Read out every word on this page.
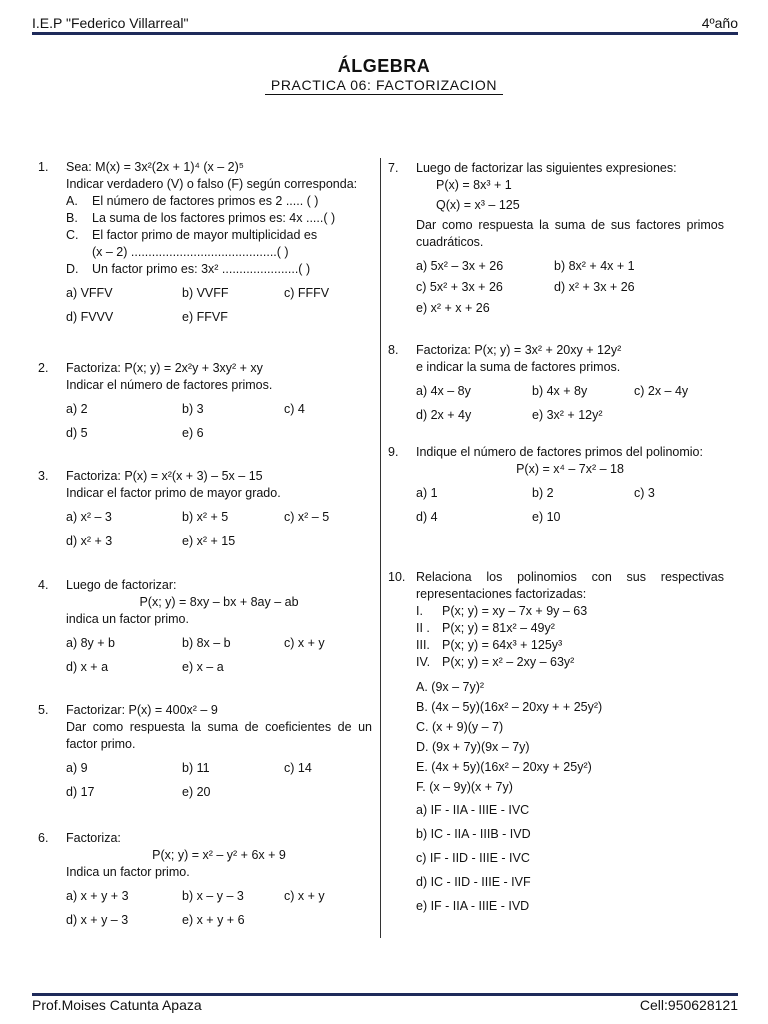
I.E.P "Federico Villarreal"	4ºaño
ÁLGEBRA
PRACTICA 06: FACTORIZACION
1.	Sea: M(x) = 3x²(2x + 1)⁴ (x – 2)⁵
Indicar verdadero (V) o falso (F) según corresponda:
A.	El número de factores primos es 2 ..... ( )
B.	La suma de los factores primos es: 4x .....( )
C.	El factor primo de mayor multiplicidad es
(x – 2) ..........................................( )
D.	Un factor primo es: 3x² ......................( )
a) VFFV	b) VVFF	c) FFFV
d) FVVV	e) FFVF
2.	Factoriza: P(x; y) = 2x²y + 3xy² + xy
Indicar el número de factores primos.
a) 2	b) 3	c) 4
d) 5	e) 6
3.	Factoriza: P(x) = x²(x + 3) – 5x – 15
Indicar el factor primo de mayor grado.
a) x² – 3	b) x² + 5	c) x² – 5
d) x² + 3	e) x² + 15
4.	Luego de factorizar:
P(x; y) = 8xy – bx + 8ay – ab
indica un factor primo.
a) 8y + b	b) 8x – b	c) x + y
d) x + a	e) x – a
5.	Factorizar: P(x) = 400x² – 9
Dar como respuesta la suma de coeficientes de un factor primo.
a) 9	b) 11	c) 14
d) 17	e) 20
6.	Factoriza:
P(x; y) = x² – y² + 6x + 9
Indica un factor primo.
a) x + y + 3	b) x – y – 3	c) x + y
d) x + y – 3	e) x + y + 6
7.	Luego de factorizar las siguientes expresiones:
P(x) = 8x³ + 1
Q(x) = x³ – 125
Dar como respuesta la suma de sus factores primos cuadráticos.
a) 5x² – 3x + 26	b) 8x² + 4x + 1
c) 5x² + 3x + 26	d) x² + 3x + 26
e) x² + x + 26
8.	Factoriza: P(x; y) = 3x² + 20xy + 12y²
e indicar la suma de factores primos.
a) 4x – 8y	b) 4x + 8y	c) 2x – 4y
d) 2x + 4y	e) 3x² + 12y²
9.	Indique el número de factores primos del polinomio:
P(x) = x⁴ – 7x² – 18
a) 1	b) 2	c) 3
d) 4	e) 10
10. Relaciona los polinomios con sus respectivas representaciones factorizadas:
I.	P(x; y) = xy – 7x + 9y – 63
II . P(x; y) = 81x² – 49y²
III. P(x; y) = 64x³ + 125y³
IV. P(x; y) = x² – 2xy – 63y²
A. (9x – 7y)²
B. (4x – 5y)(16x² – 20xy + + 25y²)
C. (x + 9)(y – 7)
D. (9x + 7y)(9x – 7y)
E. (4x + 5y)(16x² – 20xy + 25y²)
F. (x – 9y)(x + 7y)
a) IF - IIA - IIIE - IVC
b) IC - IIA - IIIB - IVD
c) IF - IID - IIIE - IVC
d) IC - IID - IIIE - IVF
e) IF - IIA - IIIE - IVD
Prof.Moises Catunta Apaza	Cell:950628121
